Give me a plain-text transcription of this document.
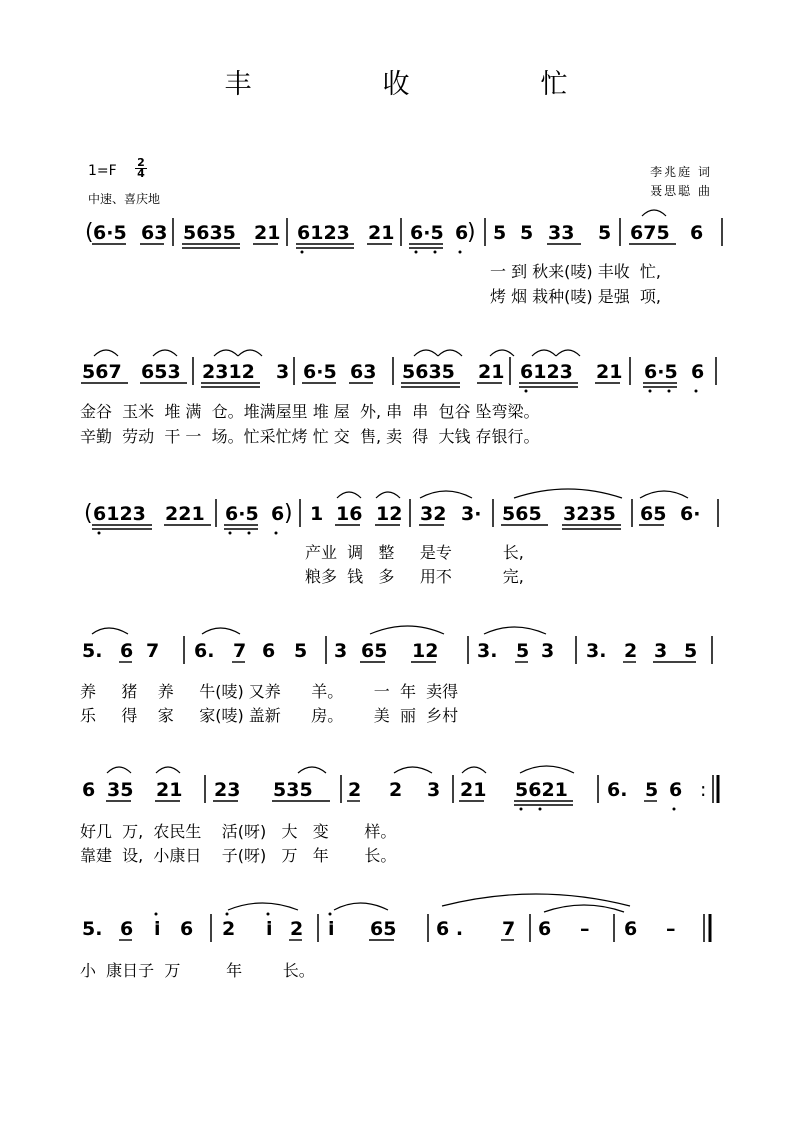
丰　收　忙
$1=F \frac{2}{4}$
中速、喜庆地
李兆庭 词
聂思聪 曲
( 6·5 63 5635 21 6123 21 6·5 6
) 5 5 33 5 675 6
567 653 2312 3 6·5 63 5635 21 6123 21 6·5 6
( 6123 221 6·5 6 ) 1 16 12 32 3· 565 3235 65 6·
5. 6 7 6. 7 6 5 3 65 12 3. 5 3 3. 2 3 5
6 35 21 23 535 2 2 3 21 5621 6. 5 6 :
5. 6 i 6 2 i 2 i 65 6 . 7 6 – 6 –
一 到 秋来(唛) 丰收  忙,
烤 烟 栽种(唛) 是强  项,
金谷  玉米  堆 满  仓。堆满屋里 堆 屋  外, 串  串  包谷 坠弯梁。
辛勤  劳动  干 一  场。忙采忙烤 忙 交  售, 卖  得  大钱 存银行。
产业  调   整     是专          长,
粮多  钱   多     用不          完,
养     猪    养     牛(唛) 又养      羊。      一  年  卖得
乐     得    家     家(唛) 盖新      房。      美  丽  乡村
好几  万,  农民生    活(呀)   大   变       样。
靠建  设,  小康日    子(呀)   万   年       长。
小  康日子  万         年        长。
